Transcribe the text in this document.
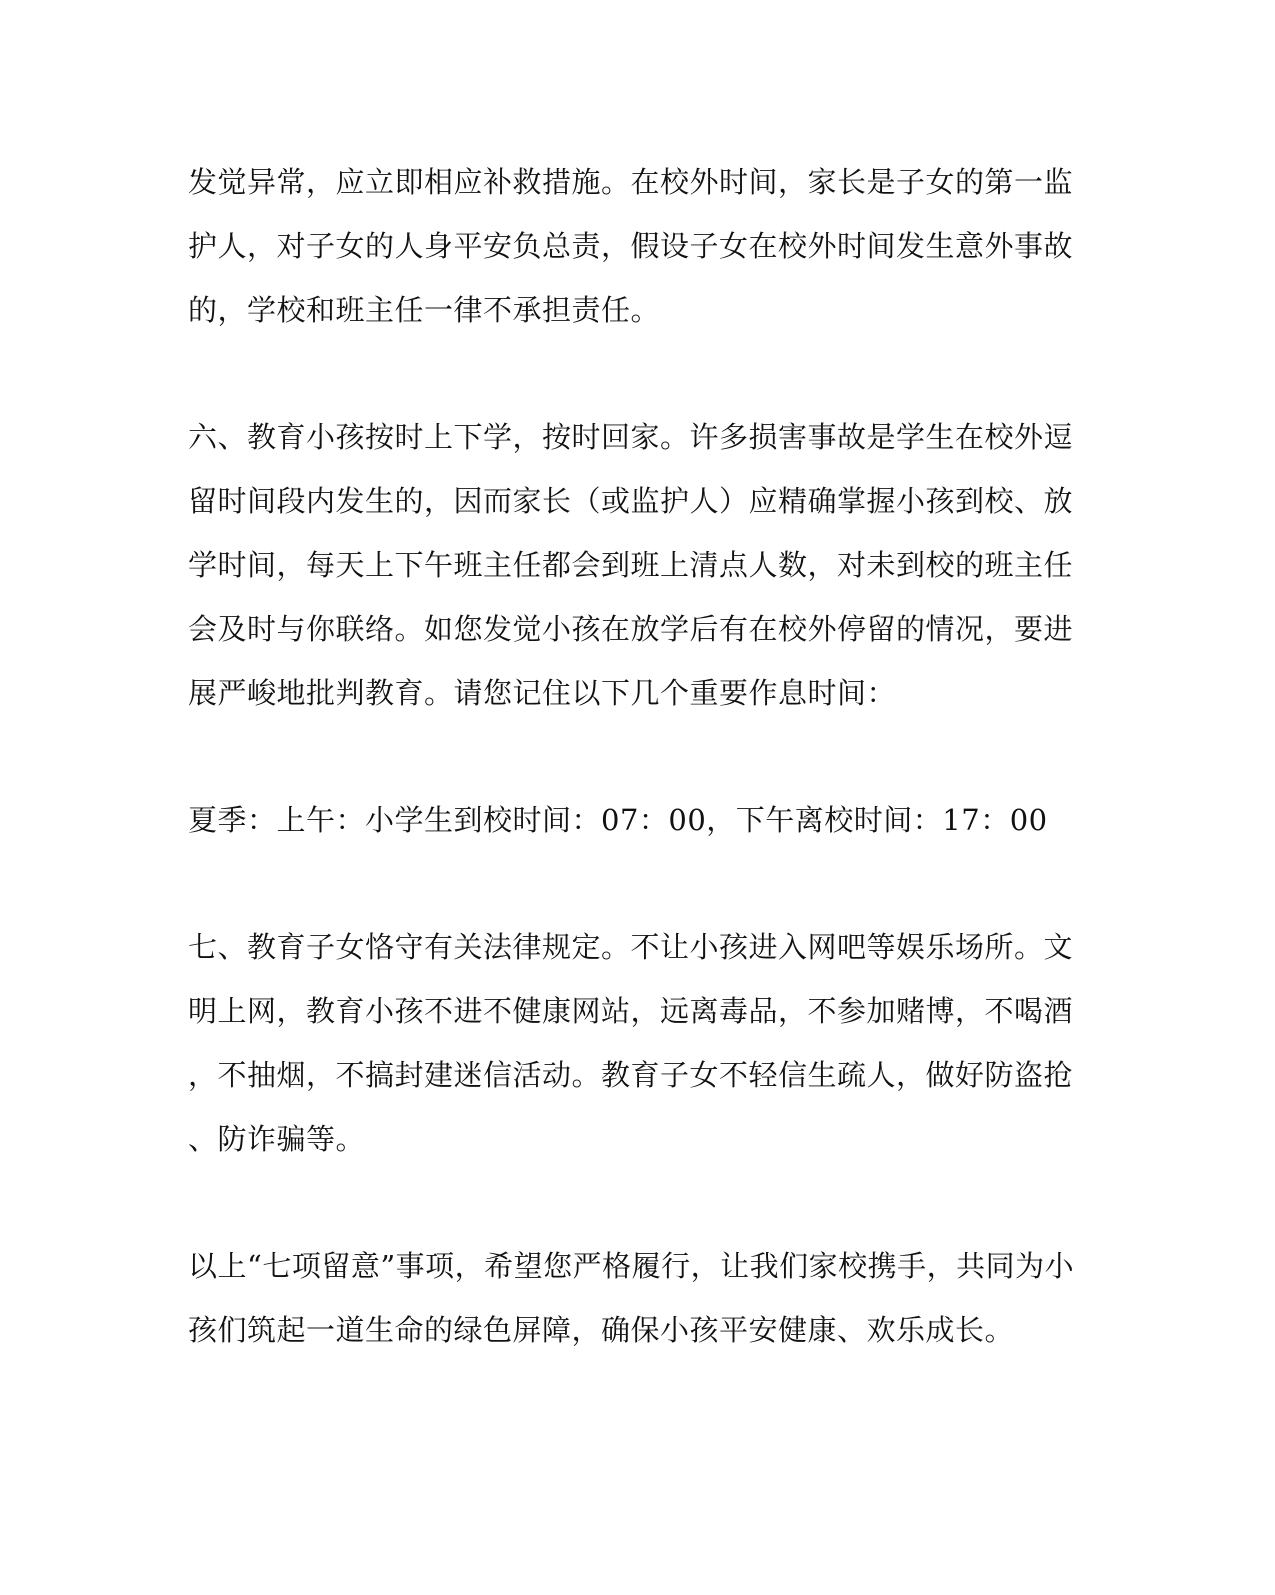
发觉异常，应立即相应补救措施。在校外时间，家长是子女的第一监
护人，对子女的人身平安负总责，假设子女在校外时间发生意外事故
的，学校和班主任一律不承担责任。
六、教育小孩按时上下学，按时回家。许多损害事故是学生在校外逗
留时间段内发生的，因而家长（或监护人）应精确掌握小孩到校、放
学时间，每天上下午班主任都会到班上清点人数，对未到校的班主任
会及时与你联络。如您发觉小孩在放学后有在校外停留的情况，要进
展严峻地批判教育。请您记住以下几个重要作息时间：
夏季：上午：小学生到校时间：07：00，下午离校时间：17：00
七、教育子女恪守有关法律规定。不让小孩进入网吧等娱乐场所。文
明上网，教育小孩不进不健康网站，远离毒品，不参加赌博，不喝酒
，不抽烟，不搞封建迷信活动。教育子女不轻信生疏人，做好防盗抢
、防诈骗等。
以上“七项留意”事项，希望您严格履行，让我们家校携手，共同为小
孩们筑起一道生命的绿色屏障，确保小孩平安健康、欢乐成长。
